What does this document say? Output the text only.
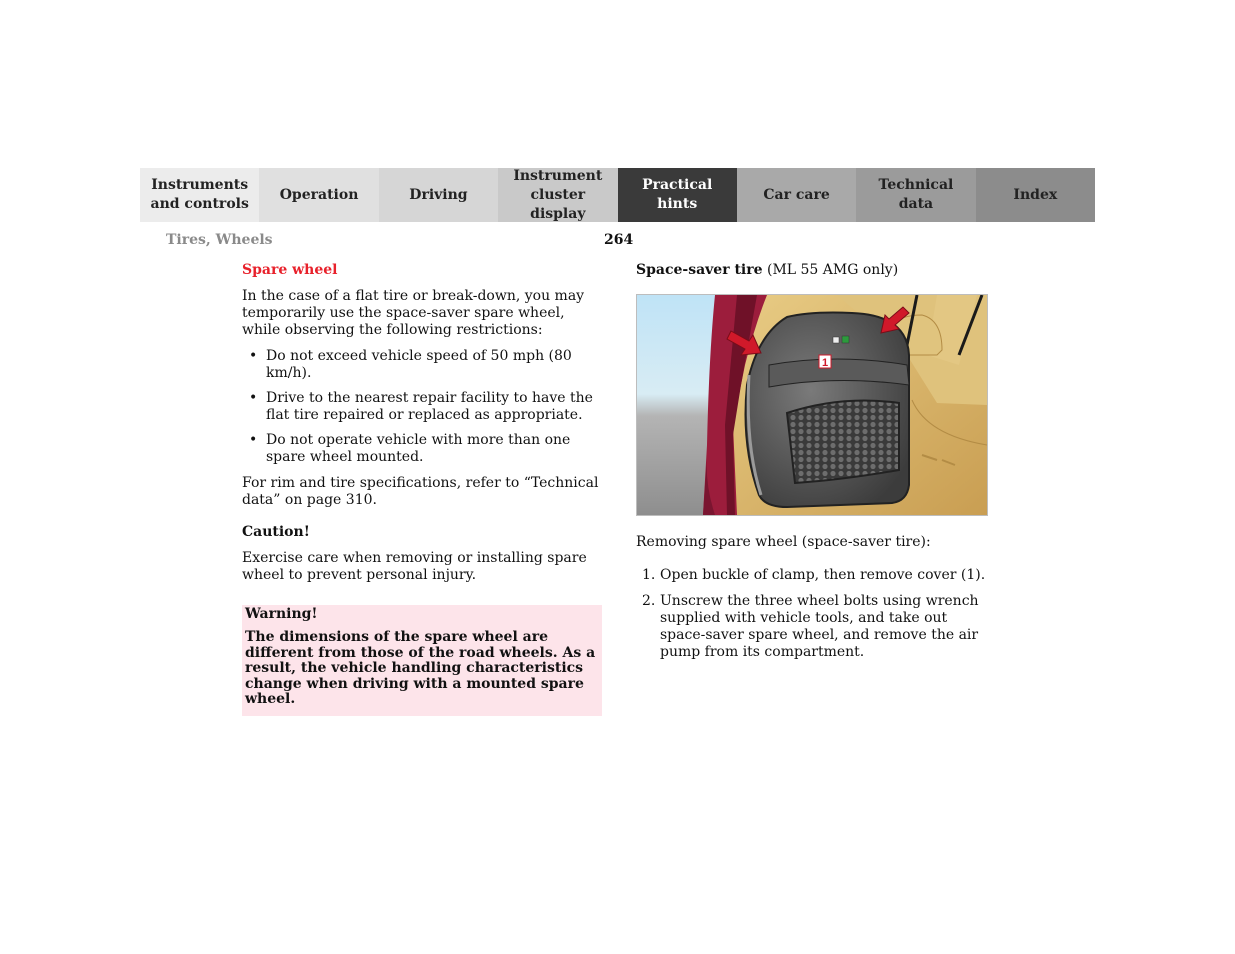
Instruments
and controls
Operation	Driving
Instrument
cluster display
Practical hints
Car care
Technical
data
Index
Tires, Wheels	264
Spare wheel

In the case of a flat tire or break-down, you may temporarily use the space-saver spare wheel, while observing the following restrictions:

• Do not exceed vehicle speed of 50 mph (80 km/h).
• Drive to the nearest repair facility to have the flat tire repaired or replaced as appropriate.
• Do not operate vehicle with more than one spare wheel mounted.

For rim and tire specifications, refer to “Technical data” on page 310.

Caution!

Exercise care when removing or installing spare wheel to prevent personal injury.

Warning!
The dimensions of the spare wheel are different from those of the road wheels. As a result, the vehicle handling characteristics change when driving with a mounted spare wheel.
Space-saver tire (ML 55 AMG only)
1

Removing spare wheel (space-saver tire):

1. Open buckle of clamp, then remove cover (1).
2. Unscrew the three wheel bolts using wrench supplied with vehicle tools, and take out space-saver spare wheel, and remove the air pump from its compartment.
